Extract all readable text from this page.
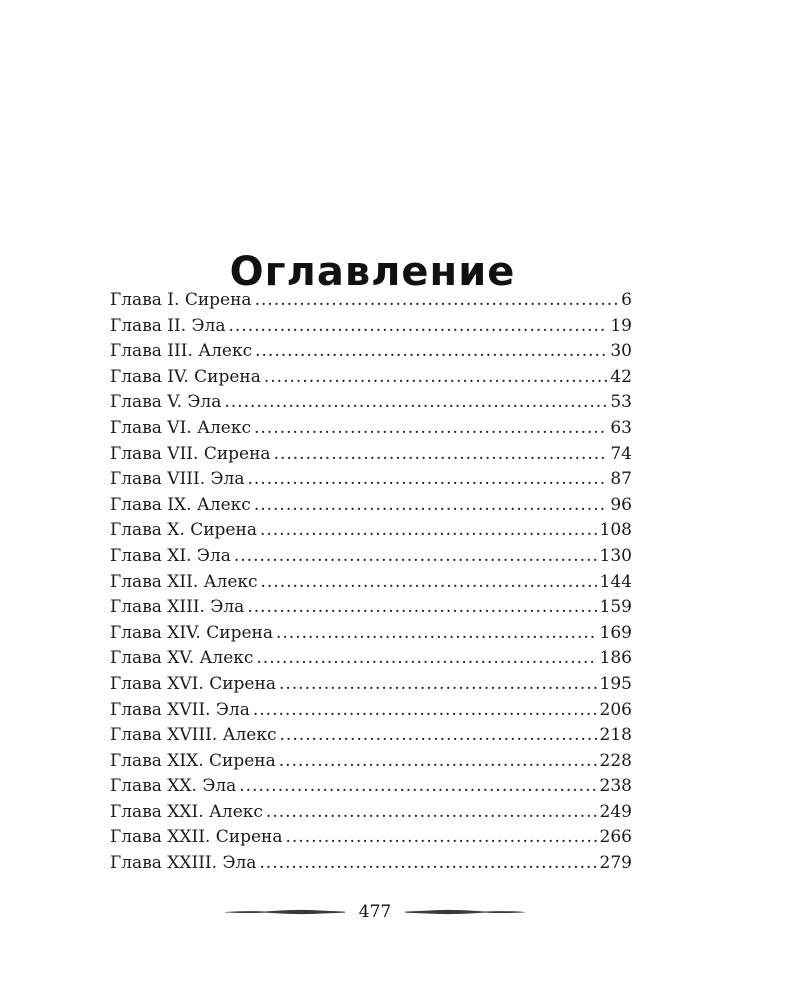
Оглавление
Глава I. Сирена .....	6
Глава II. Эла .....	19
Глава III. Алекс .....	30
Глава IV. Сирена .....	42
Глава V. Эла .....	53
Глава VI. Алекс .....	63
Глава VII. Сирена .....	74
Глава VIII. Эла .....	87
Глава IX. Алекс .....	96
Глава X. Сирена .....	108
Глава XI. Эла .....	130
Глава XII. Алекс .....	144
Глава XIII. Эла .....	159
Глава XIV. Сирена .....	169
Глава XV. Алекс .....	186
Глава XVI. Сирена .....	195
Глава XVII. Эла .....	206
Глава XVIII. Алекс .....	218
Глава XIX. Сирена .....	228
Глава XX. Эла .....	238
Глава XXI. Алекс .....	249
Глава XXII. Сирена .....	266
Глава XXIII. Эла .....	279
477
